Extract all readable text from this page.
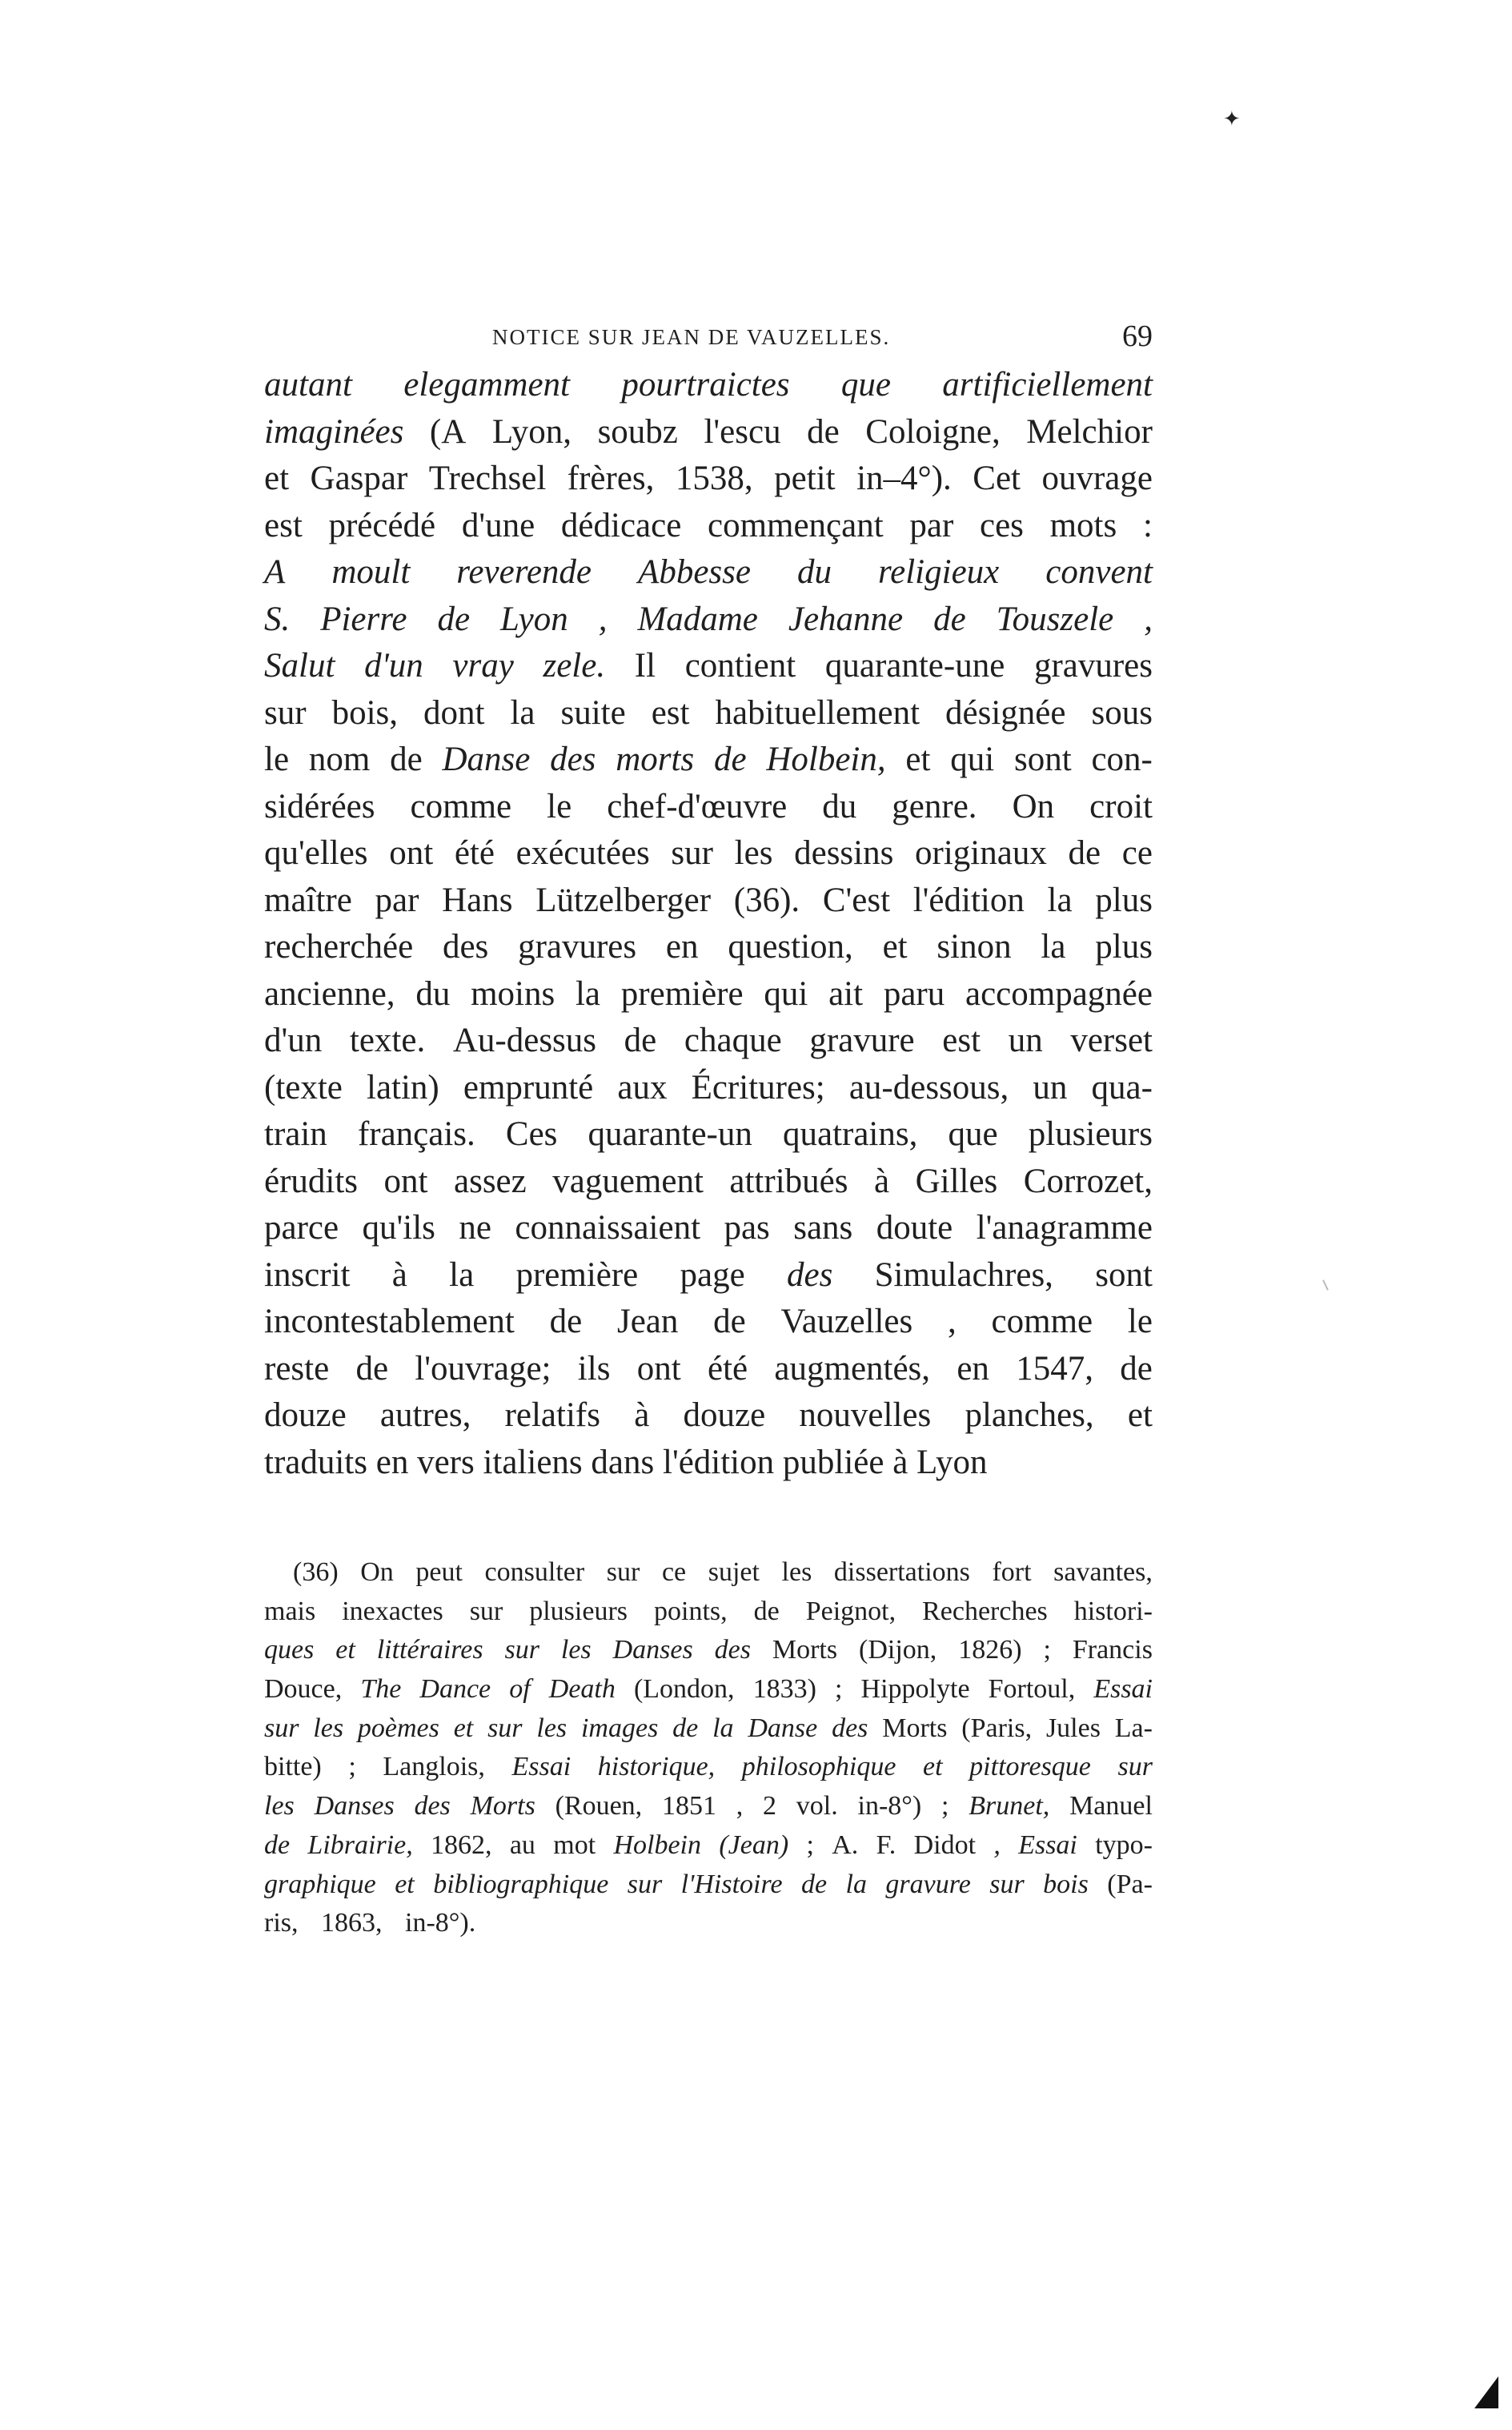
✦
NOTICE SUR JEAN DE VAUZELLES.	69
autant elegamment pourtraictes que artificiellement
imaginées (A Lyon, soubz l'escu de Coloigne, Melchior
et Gaspar Trechsel frères, 1538, petit in–4°). Cet ouvrage
est précédé d'une dédicace commençant par ces mots :
A moult reverende Abbesse du religieux convent
S. Pierre de Lyon , Madame Jehanne de Touszele ,
Salut d'un vray zele. Il contient quarante-une gravures
sur bois, dont la suite est habituellement désignée sous
le nom de Danse des morts de Holbein, et qui sont con-
sidérées comme le chef-d'œuvre du genre. On croit
qu'elles ont été exécutées sur les dessins originaux de ce
maître par Hans Lützelberger (36). C'est l'édition la plus
recherchée des gravures en question, et sinon la plus
ancienne, du moins la première qui ait paru accompagnée
d'un texte. Au-dessus de chaque gravure est un verset
(texte latin) emprunté aux Écritures; au-dessous, un qua-
train français. Ces quarante-un quatrains, que plusieurs
érudits ont assez vaguement attribués à Gilles Corrozet,
parce qu'ils ne connaissaient pas sans doute l'anagramme
inscrit à la première page des Simulachres, sont
incontestablement de Jean de Vauzelles , comme le
reste de l'ouvrage; ils ont été augmentés, en 1547, de
douze autres, relatifs à douze nouvelles planches, et
traduits
en
vers
italiens
dans
l'édition
publiée
à
Lyon
(36) On peut consulter sur ce sujet les dissertations fort savantes,
mais inexactes sur plusieurs points, de Peignot, Recherches histori-
ques et littéraires sur les Danses des Morts (Dijon, 1826) ; Francis
Douce, The Dance of Death (London, 1833) ; Hippolyte Fortoul, Essai
sur les poèmes et sur les images de la Danse des Morts (Paris, Jules La-
bitte) ; Langlois, Essai historique, philosophique et pittoresque sur
les Danses des Morts (Rouen, 1851 , 2 vol. in-8°) ; Brunet, Manuel
de Librairie, 1862, au mot Holbein (Jean) ; A. F. Didot , Essai typo-
graphique et bibliographique sur l'Histoire de la gravure sur bois (Pa-
ris,
1863,
in-8°).
